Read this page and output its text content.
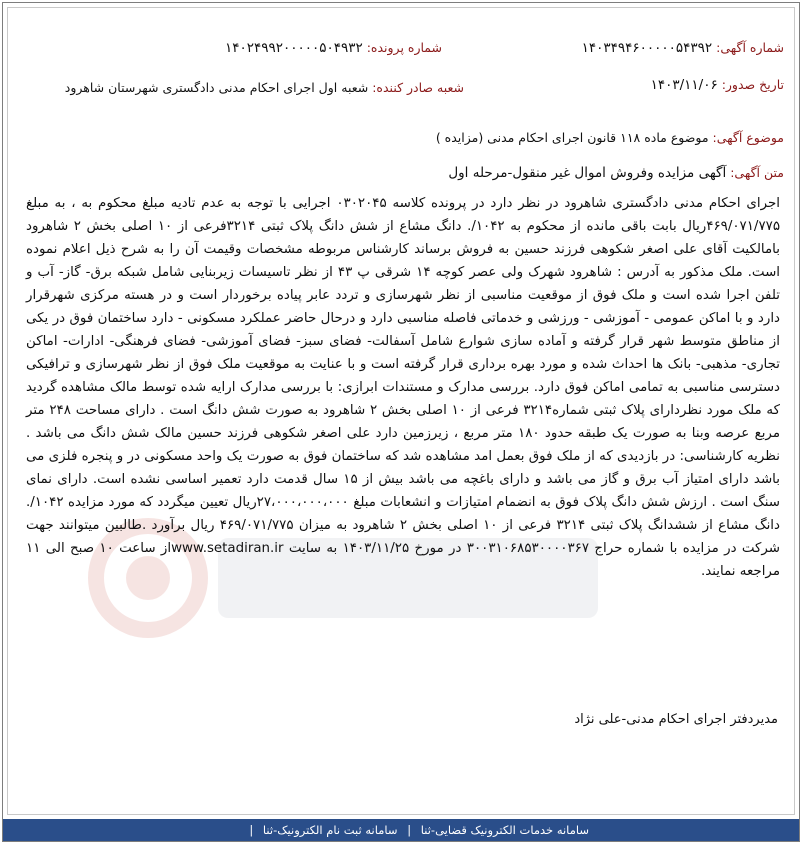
شماره آگهی: ۱۴۰۳۴۹۴۶۰۰۰۰۰۵۴۳۹۲
شماره پرونده: ۱۴۰۲۴۹۹۲۰۰۰۰۰۵۰۴۹۳۲
تاریخ صدور: ۱۴۰۳/۱۱/۰۶
شعبه صادر کننده: شعبه اول اجرای احکام مدنی دادگستری شهرستان شاهرود
موضوع آگهی: موضوع ماده ۱۱۸ قانون اجرای احکام مدنی (مزایده )
متن آگهی: آگهی مزایده وفروش اموال غیر منقول-مرحله اول

اجرای احکام مدنی دادگستری شاهرود در نظر دارد در پرونده کلاسه ۰۳۰۲۰۴۵ اجرایی با توجه به عدم تادیه مبلغ محکوم به ، به مبلغ ۴۶۹/۰۷۱/۷۷۵ریال بابت باقی مانده از محکوم به ۱۰۴۲/. دانگ مشاع از شش دانگ پلاک ثبتی ۳۲۱۴فرعی از ۱۰ اصلی بخش ۲ شاهرود بامالکیت آقای علی اصغر شکوهی فرزند حسین به فروش برساند کارشناس مربوطه مشخصات وقیمت آن را به شرح ذیل اعلام نموده است. ملک مذکور به آدرس : شاهرود شهرک ولی عصر کوچه ۱۴ شرقی پ ۴۳ از نظر تاسیسات زیربنایی شامل شبکه برق- گاز- آب و تلفن اجرا شده است و ملک فوق از موقعیت مناسبی از نظر شهرسازی و تردد عابر پیاده برخوردار است و در هسته مرکزی شهرقرار دارد و با اماکن عمومی - آموزشی - ورزشی و خدماتی فاصله مناسبی دارد و درحال حاضر عملکرد مسکونی - دارد ساختمان فوق در یکی از مناطق متوسط شهر قرار گرفته و آماده سازی شوارع شامل آسفالت- فضای سبز- فضای آموزشی- فضای فرهنگی- ادارات- اماکن تجاری- مذهبی- بانک ها احداث شده و مورد بهره برداری قرار گرفته است و با عنایت به موقعیت ملک فوق از نظر شهرسازی و ترافیکی دسترسی مناسبی به تمامی اماکن فوق دارد. بررسی مدارک و مستندات ابرازی: با بررسی مدارک ارایه شده توسط مالک مشاهده گردید که ملک مورد نظردارای پلاک ثبتی شماره۳۲۱۴ فرعی از ۱۰ اصلی بخش ۲ شاهرود به صورت شش دانگ است . دارای مساحت ۲۴۸ متر مربع عرصه وبنا به صورت یک طبقه حدود ۱۸۰ متر مربع ، زیرزمین دارد علی اصغر شکوهی فرزند حسین مالک شش دانگ می باشد . نظریه کارشناسی: در بازدیدی که از ملک فوق بعمل امد مشاهده شد که ساختمان فوق به صورت یک واحد مسکونی در و پنجره فلزی می باشد دارای امتیاز آب برق و گاز می باشد و دارای باغچه می باشد بیش از ۱۵ سال قدمت دارد تعمیر اساسی نشده است. دارای نمای سنگ است . ارزش شش دانگ پلاک فوق به انضمام امتیازات و انشعابات مبلغ ۲۷،۰۰۰،۰۰۰،۰۰۰ریال تعیین میگردد که مورد مزایده ۱۰۴۲/. دانگ مشاع از ششدانگ پلاک ثبتی ۳۲۱۴ فرعی از ۱۰ اصلی بخش ۲ شاهرود به میزان ۴۶۹/۰۷۱/۷۷۵ ریال برآورد .طالبین میتوانند جهت شرکت در مزایده با شماره حراج ۳۰۰۳۱۰۶۸۵۳۰۰۰۰۳۶۷ در مورخ ۱۴۰۳/۱۱/۲۵ به سایت www.setadiran.irاز ساعت ۱۰ صبح الی ۱۱ مراجعه نمایند.

مدیردفتر اجرای احکام مدنی-علی نژاد
سامانه خدمات الکترونیک قضایی-ثنا | سامانه ثبت نام الکترونیک-ثنا |
